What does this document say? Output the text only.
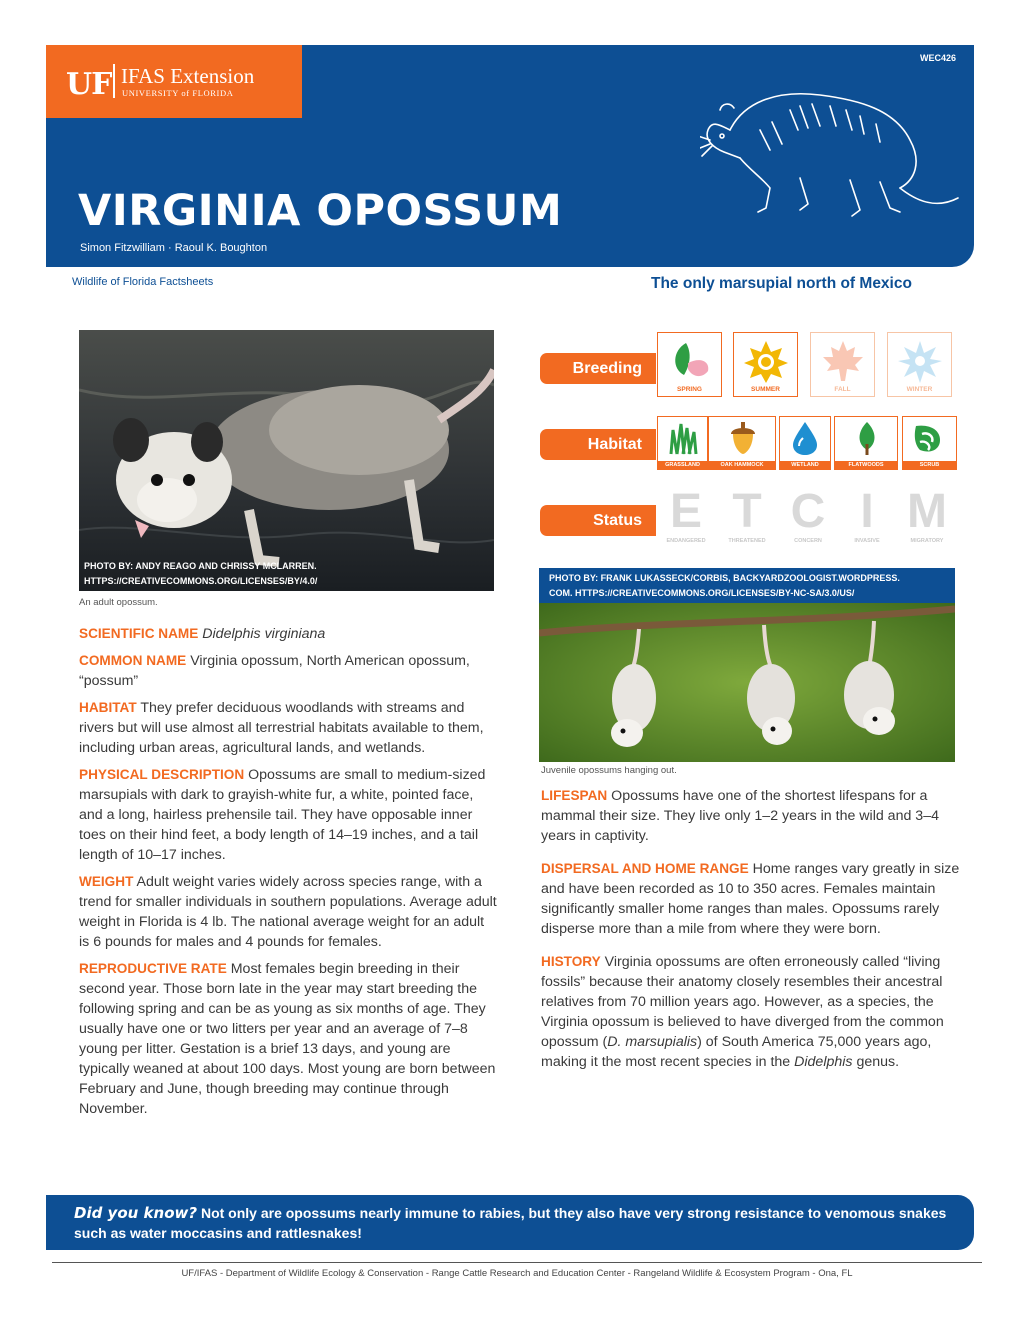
UF IFAS Extension
UNIVERSITY of FLORIDA
WEC426
VIRGINIA OPOSSUM
Simon Fitzwilliam · Raoul K. Boughton
Wildlife of Florida Factsheets	The only marsupial north of Mexico
PHOTO BY: ANDY REAGO AND CHRISSY MCLARREN.
HTTPS://CREATIVECOMMONS.ORG/LICENSES/BY/4.0/
An adult opossum.
Breeding
SPRING	SUMMER	FALL	WINTER
Habitat
GRASSLAND	OAK HAMMOCK	WETLAND	FLATWOODS	SCRUB
Status E
ENDANGERED
T
THREATENED
C
CONCERN
I
INVASIVE
M
MIGRATORY
PHOTO BY: FRANK LUKASSECK/CORBIS, BACKYARDZOOLOGIST.WORDPRESS.
COM. HTTPS://CREATIVECOMMONS.ORG/LICENSES/BY-NC-SA/3.0/US/
Juvenile opossums hanging out.
SCIENTIFIC NAME Didelphis virginiana
COMMON NAME Virginia opossum, North American opossum, “possum”
HABITAT They prefer deciduous woodlands with streams and rivers but will use almost all terrestrial habitats available to them, including urban areas, agricultural lands, and wetlands.
PHYSICAL DESCRIPTION Opossums are small to medium-sized marsupials with dark to grayish-white fur, a white, pointed face, and a long, hairless prehensile tail. They have opposable inner toes on their hind feet, a body length of 14–19 inches, and a tail length of 10–17 inches.
WEIGHT Adult weight varies widely across species range, with a trend for smaller individuals in southern populations. Average adult weight in Florida is 4 lb. The national average weight for an adult is 6 pounds for males and 4 pounds for females.
REPRODUCTIVE RATE Most females begin breeding in their second year. Those born late in the year may start breeding the following spring and can be as young as six months of age. They usually have one or two litters per year and an average of 7–8 young per litter. Gestation is a brief 13 days, and young are typically weaned at about 100 days. Most young are born between February and June, though breeding may continue through November.
LIFESPAN Opossums have one of the shortest lifespans for a mammal their size. They live only 1–2 years in the wild and 3–4 years in captivity.
DISPERSAL AND HOME RANGE Home ranges vary greatly in size and have been recorded as 10 to 350 acres. Females maintain significantly smaller home ranges than males. Opossums rarely disperse more than a mile from where they were born.
HISTORY Virginia opossums are often erroneously called “living fossils” because their anatomy closely resembles their ancestral relatives from 70 million years ago. However, as a species, the Virginia opossum is believed to have diverged from the common opossum (D. marsupialis) of South America 75,000 years ago, making it the most recent species in the Didelphis genus.
Did you know? Not only are opossums nearly immune to rabies, but they also have very strong resistance to venomous snakes such as water moccasins and rattlesnakes!
UF/IFAS - Department of Wildlife Ecology & Conservation - Range Cattle Research and Education Center - Rangeland Wildlife & Ecosystem Program - Ona, FL
